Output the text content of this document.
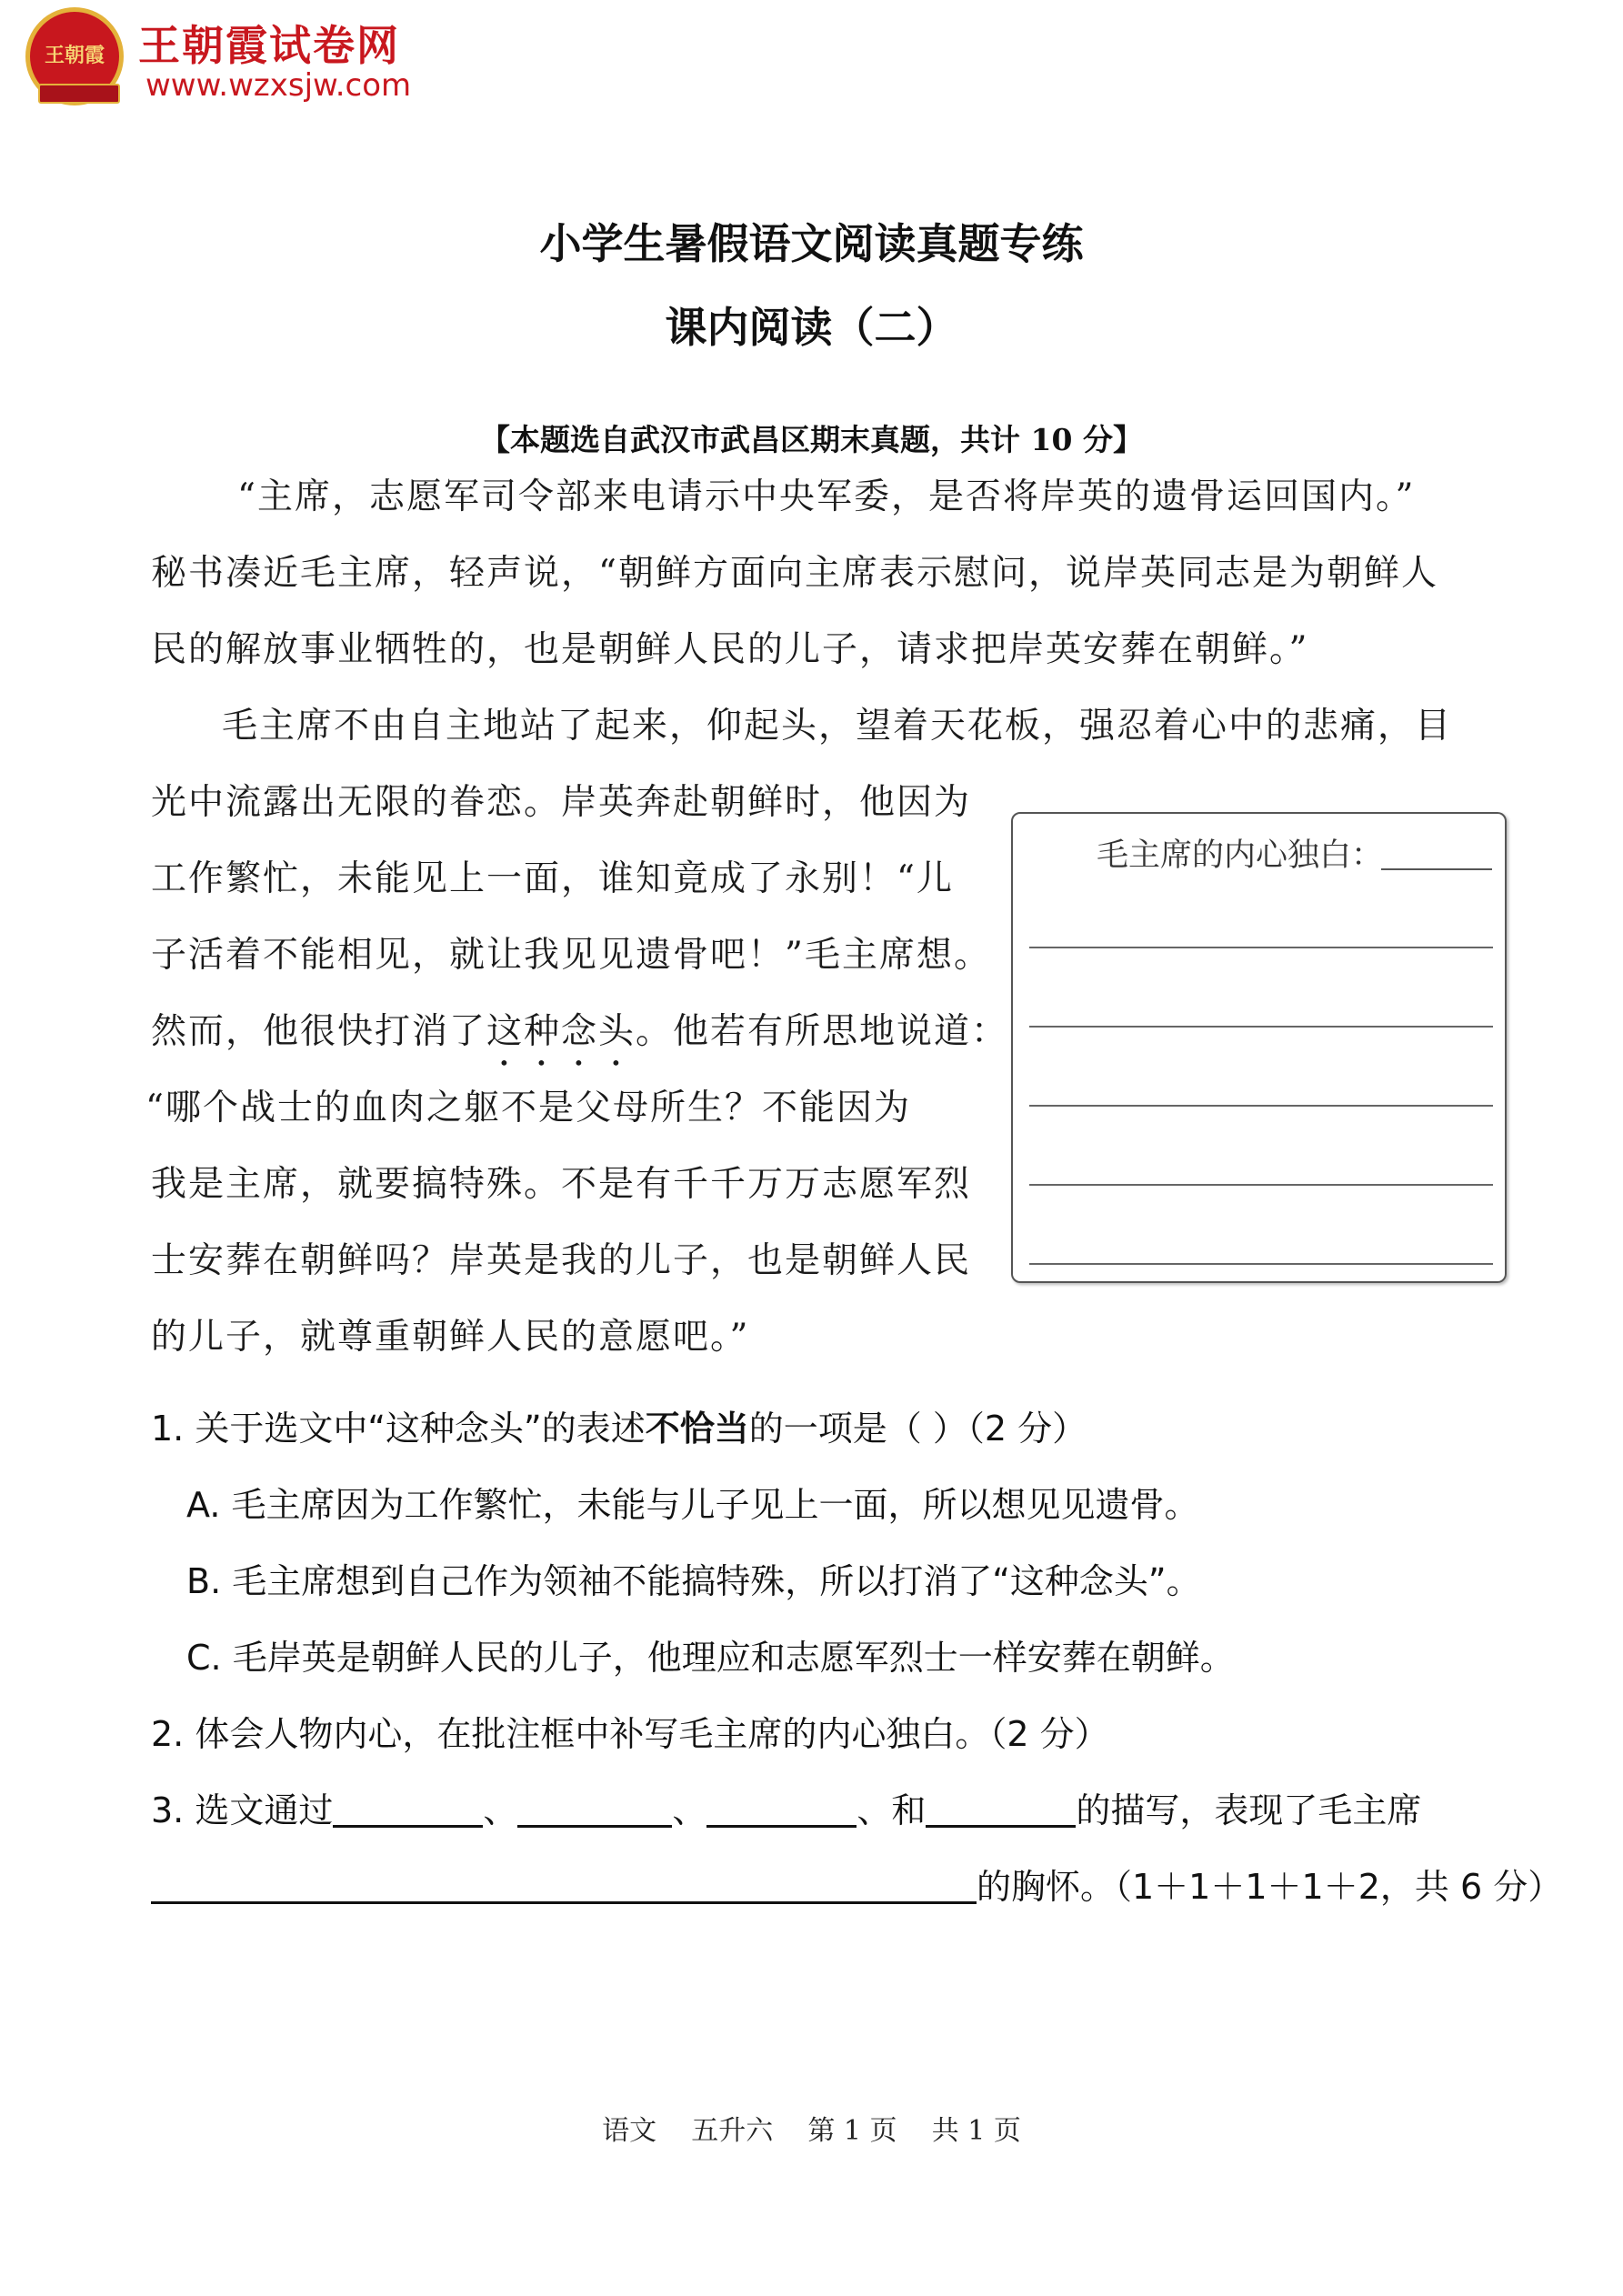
王朝霞 王朝霞试卷网
www.wzxsjw.com
小学生暑假语文阅读真题专练
课内阅读（二）
【本题选自武汉市武昌区期末真题，共计 10 分】
“主席，志愿军司令部来电请示中央军委，是否将岸英的遗骨运回国内。”
秘书凑近毛主席，轻声说，“朝鲜方面向主席表示慰问，说岸英同志是为朝鲜人
民的解放事业牺牲的，也是朝鲜人民的儿子，请求把岸英安葬在朝鲜。”
毛主席不由自主地站了起来，仰起头，望着天花板，强忍着心中的悲痛，目
光中流露出无限的眷恋。岸英奔赴朝鲜时，他因为
工作繁忙，未能见上一面，谁知竟成了永别！“儿
子活着不能相见，就让我见见遗骨吧！”毛主席想。
然而，他很快打消了这种念头。他若有所思地说道：
“哪个战士的血肉之躯不是父母所生？不能因为
我是主席，就要搞特殊。不是有千千万万志愿军烈
士安葬在朝鲜吗？岸英是我的儿子，也是朝鲜人民
的儿子，就尊重朝鲜人民的意愿吧。”
毛主席的内心独白：
1. 关于选文中“这种念头”的表述不恰当的一项是（ ）（2 分）
A. 毛主席因为工作繁忙，未能与儿子见上一面，所以想见见遗骨。
B. 毛主席想到自己作为领袖不能搞特殊，所以打消了“这种念头”。
C. 毛岸英是朝鲜人民的儿子，他理应和志愿军烈士一样安葬在朝鲜。
2. 体会人物内心，在批注框中补写毛主席的内心独白。（2 分）
3. 选文通过	、	、	、和	的描写，表现了毛主席
的胸怀。（1＋1＋1＋1＋2，共 6 分）
语文    五升六    第 1 页    共 1 页
